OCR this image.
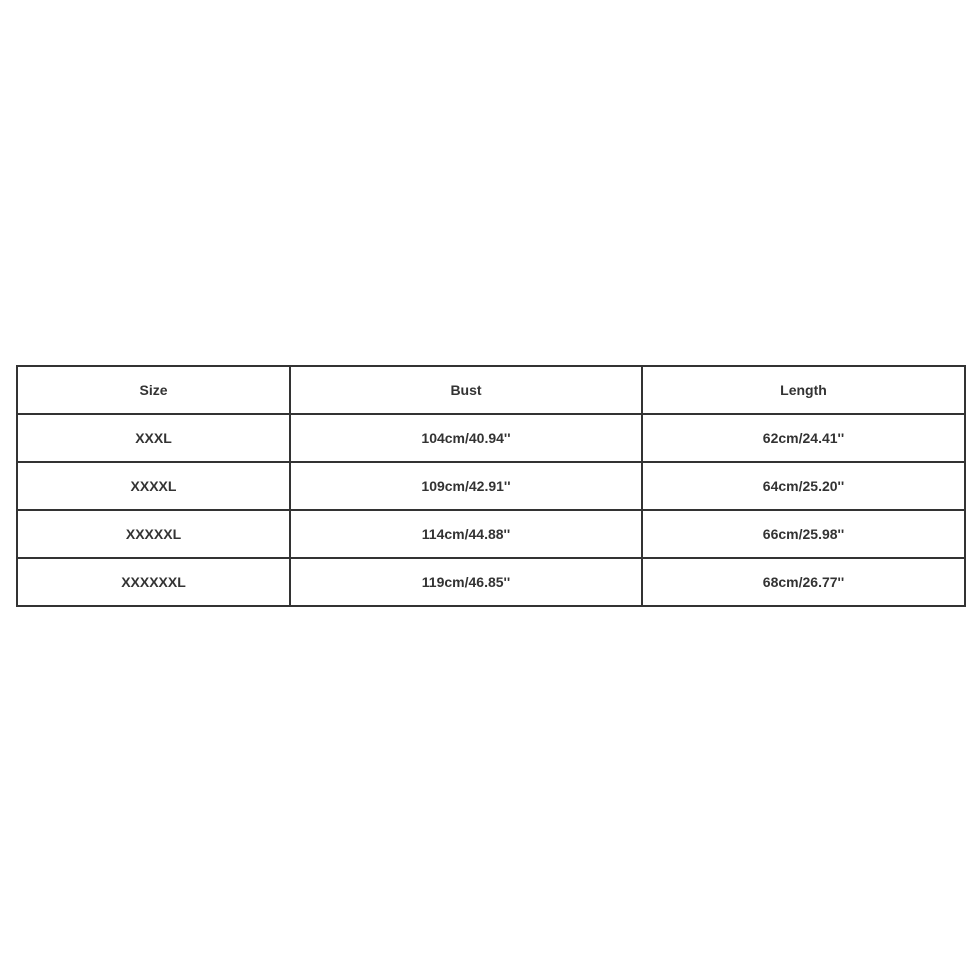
Size	Bust	Length
XXXL	104cm/40.94''	62cm/24.41''
XXXXL	109cm/42.91''	64cm/25.20''
XXXXXL	114cm/44.88''	66cm/25.98''
XXXXXXL	119cm/46.85''	68cm/26.77''
